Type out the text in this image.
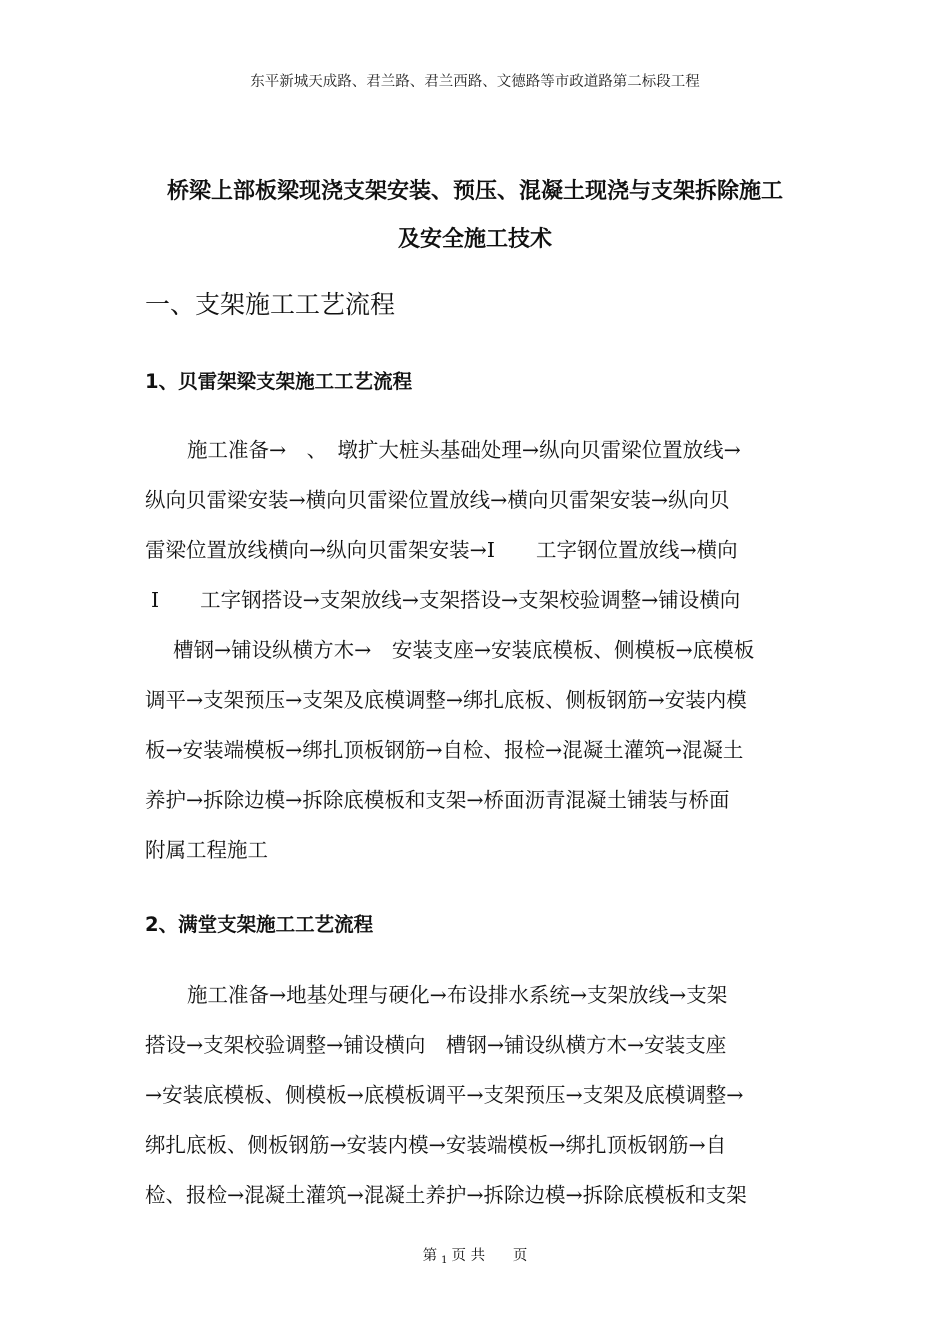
东平新城天成路、君兰路、君兰西路、文德路等市政道路第二标段工程
桥梁上部板梁现浇支架安装、预压、混凝土现浇与支架拆除施工
及安全施工技术
一、支架施工工艺流程
1、贝雷架梁支架施工工艺流程
施工准备→　、　墩扩大桩头基础处理→纵向贝雷梁位置放线→
纵向贝雷梁安装→横向贝雷梁位置放线→横向贝雷架安装→纵向贝
雷梁位置放线横向→纵向贝雷架安装→Ⅰ　　工字钢位置放线→横向
Ⅰ　　工字钢搭设→支架放线→支架搭设→支架校验调整→铺设横向
槽钢→铺设纵横方木→　安装支座→安装底模板、侧模板→底模板
调平→支架预压→支架及底模调整→绑扎底板、侧板钢筋→安装内模
板→安装端模板→绑扎顶板钢筋→自检、报检→混凝土灌筑→混凝土
养护→拆除边模→拆除底模板和支架→桥面沥青混凝土铺装与桥面
附属工程施工
2、满堂支架施工工艺流程
施工准备→地基处理与硬化→布设排水系统→支架放线→支架
搭设→支架校验调整→铺设横向　槽钢→铺设纵横方木→安装支座
→安装底模板、侧模板→底模板调平→支架预压→支架及底模调整→
绑扎底板、侧板钢筋→安装内模→安装端模板→绑扎顶板钢筋→自
检、报检→混凝土灌筑→混凝土养护→拆除边模→拆除底模板和支架
第 $_1$ 页 共 页
